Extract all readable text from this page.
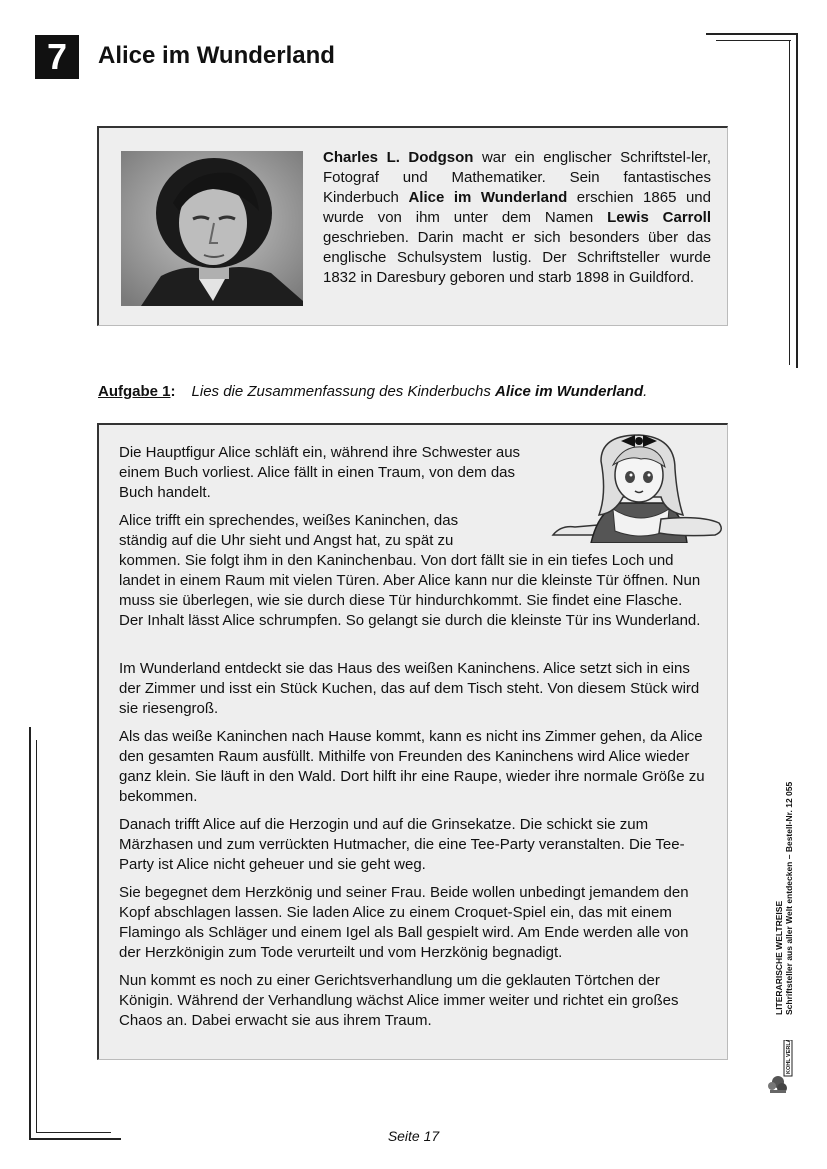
7 Alice im Wunderland
Charles L. Dodgson war ein englischer Schriftstel-ler, Fotograf und Mathematiker. Sein fantastisches Kinderbuch Alice im Wunderland erschien 1865 und wurde von ihm unter dem Namen Lewis Carroll geschrieben. Darin macht er sich besonders über das englische Schulsystem lustig. Der Schriftsteller wurde 1832 in Daresbury geboren und starb 1898 in Guildford.
Aufgabe 1: Lies die Zusammenfassung des Kinderbuchs Alice im Wunderland.
Die Hauptfigur Alice schläft ein, während ihre Schwester aus einem Buch vorliest. Alice fällt in einen Traum, von dem das Buch handelt.
Alice trifft ein sprechendes, weißes Kaninchen, das ständig auf die Uhr sieht und Angst hat, zu spät zu
kommen. Sie folgt ihm in den Kaninchenbau. Von dort fällt sie in ein tiefes Loch und landet in einem Raum mit vielen Türen. Aber Alice kann nur die kleinste Tür öffnen. Nun muss sie überlegen, wie sie durch diese Tür hindurchkommt. Sie findet eine Flasche. Der Inhalt lässt Alice schrumpfen. So gelangt sie durch die kleinste Tür ins Wunderland.
Im Wunderland entdeckt sie das Haus des weißen Kaninchens. Alice setzt sich in eins der Zimmer und isst ein Stück Kuchen, das auf dem Tisch steht. Von diesem Stück wird sie riesengroß.
Als das weiße Kaninchen nach Hause kommt, kann es nicht ins Zimmer gehen, da Alice den gesamten Raum ausfüllt. Mithilfe von Freunden des Kaninchens wird Alice wieder ganz klein. Sie läuft in den Wald. Dort hilft ihr eine Raupe, wieder ihre normale Größe zu bekommen.
Danach trifft Alice auf die Herzogin und auf die Grinsekatze. Die schickt sie zum Märzhasen und zum verrückten Hutmacher, die eine Tee-Party veranstalten. Die Tee-Party ist Alice nicht geheuer und sie geht weg.
Sie begegnet dem Herzkönig und seiner Frau. Beide wollen unbedingt jemandem den Kopf abschlagen lassen. Sie laden Alice zu einem Croquet-Spiel ein, das mit einem Flamingo als Schläger und einem Igel als Ball gespielt wird. Am Ende werden alle von der Herzkönigin zum Tode verurteilt und vom Herzkönig begnadigt.
Nun kommt es noch zu einer Gerichtsverhandlung um die geklauten Törtchen der Königin. Während der Verhandlung wächst Alice immer weiter und richtet ein großes Chaos an. Dabei erwacht sie aus ihrem Traum.
LITERARISCHE WELTREISE Schriftsteller aus aller Welt entdecken – Bestell-Nr. 12 055
KOHL VERLAG
Seite 17
